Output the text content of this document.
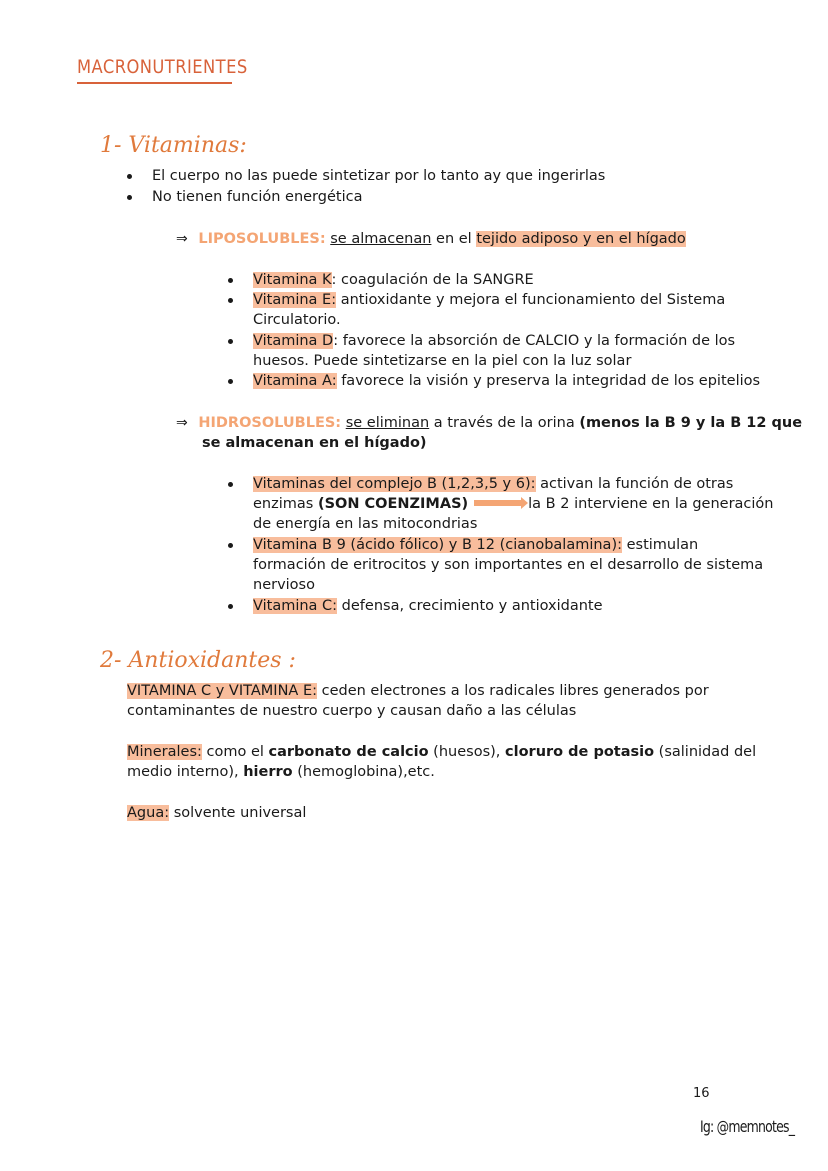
MACRONUTRIENTES
1- Vitaminas:
El cuerpo no las puede sintetizar por lo tanto ay que ingerirlas
No tienen función energética
⇒ LIPOSOLUBLES: se almacenan en el tejido adiposo y en el hígado
Vitamina K: coagulación de la SANGRE
Vitamina E: antioxidante y mejora el funcionamiento del Sistema
Circulatorio.
Vitamina D: favorece la absorción de CALCIO y la formación de los
huesos. Puede sintetizarse en la piel con la luz solar
Vitamina A: favorece la visión y preserva la integridad de los epitelios
⇒ HIDROSOLUBLES: se eliminan a través de la orina (menos la B 9 y la B 12 que
se almacenan en el hígado)
Vitaminas del complejo B (1,2,3,5 y 6): activan la función de otras
enzimas (SON COENZIMAS)	la B 2 interviene en la generación
de energía en las mitocondrias
Vitamina B 9 (ácido fólico) y B 12 (cianobalamina): estimulan
formación de eritrocitos y son importantes en el desarrollo de sistema
nervioso
Vitamina C: defensa, crecimiento y antioxidante
2- Antioxidantes :
VITAMINA C y VITAMINA E: ceden electrones a los radicales libres generados por
contaminantes de nuestro cuerpo y causan daño a las células
Minerales: como el carbonato de calcio (huesos), cloruro de potasio (salinidad del
medio interno), hierro (hemoglobina),etc.
Agua: solvente universal
16
Ig: @memnotes_
